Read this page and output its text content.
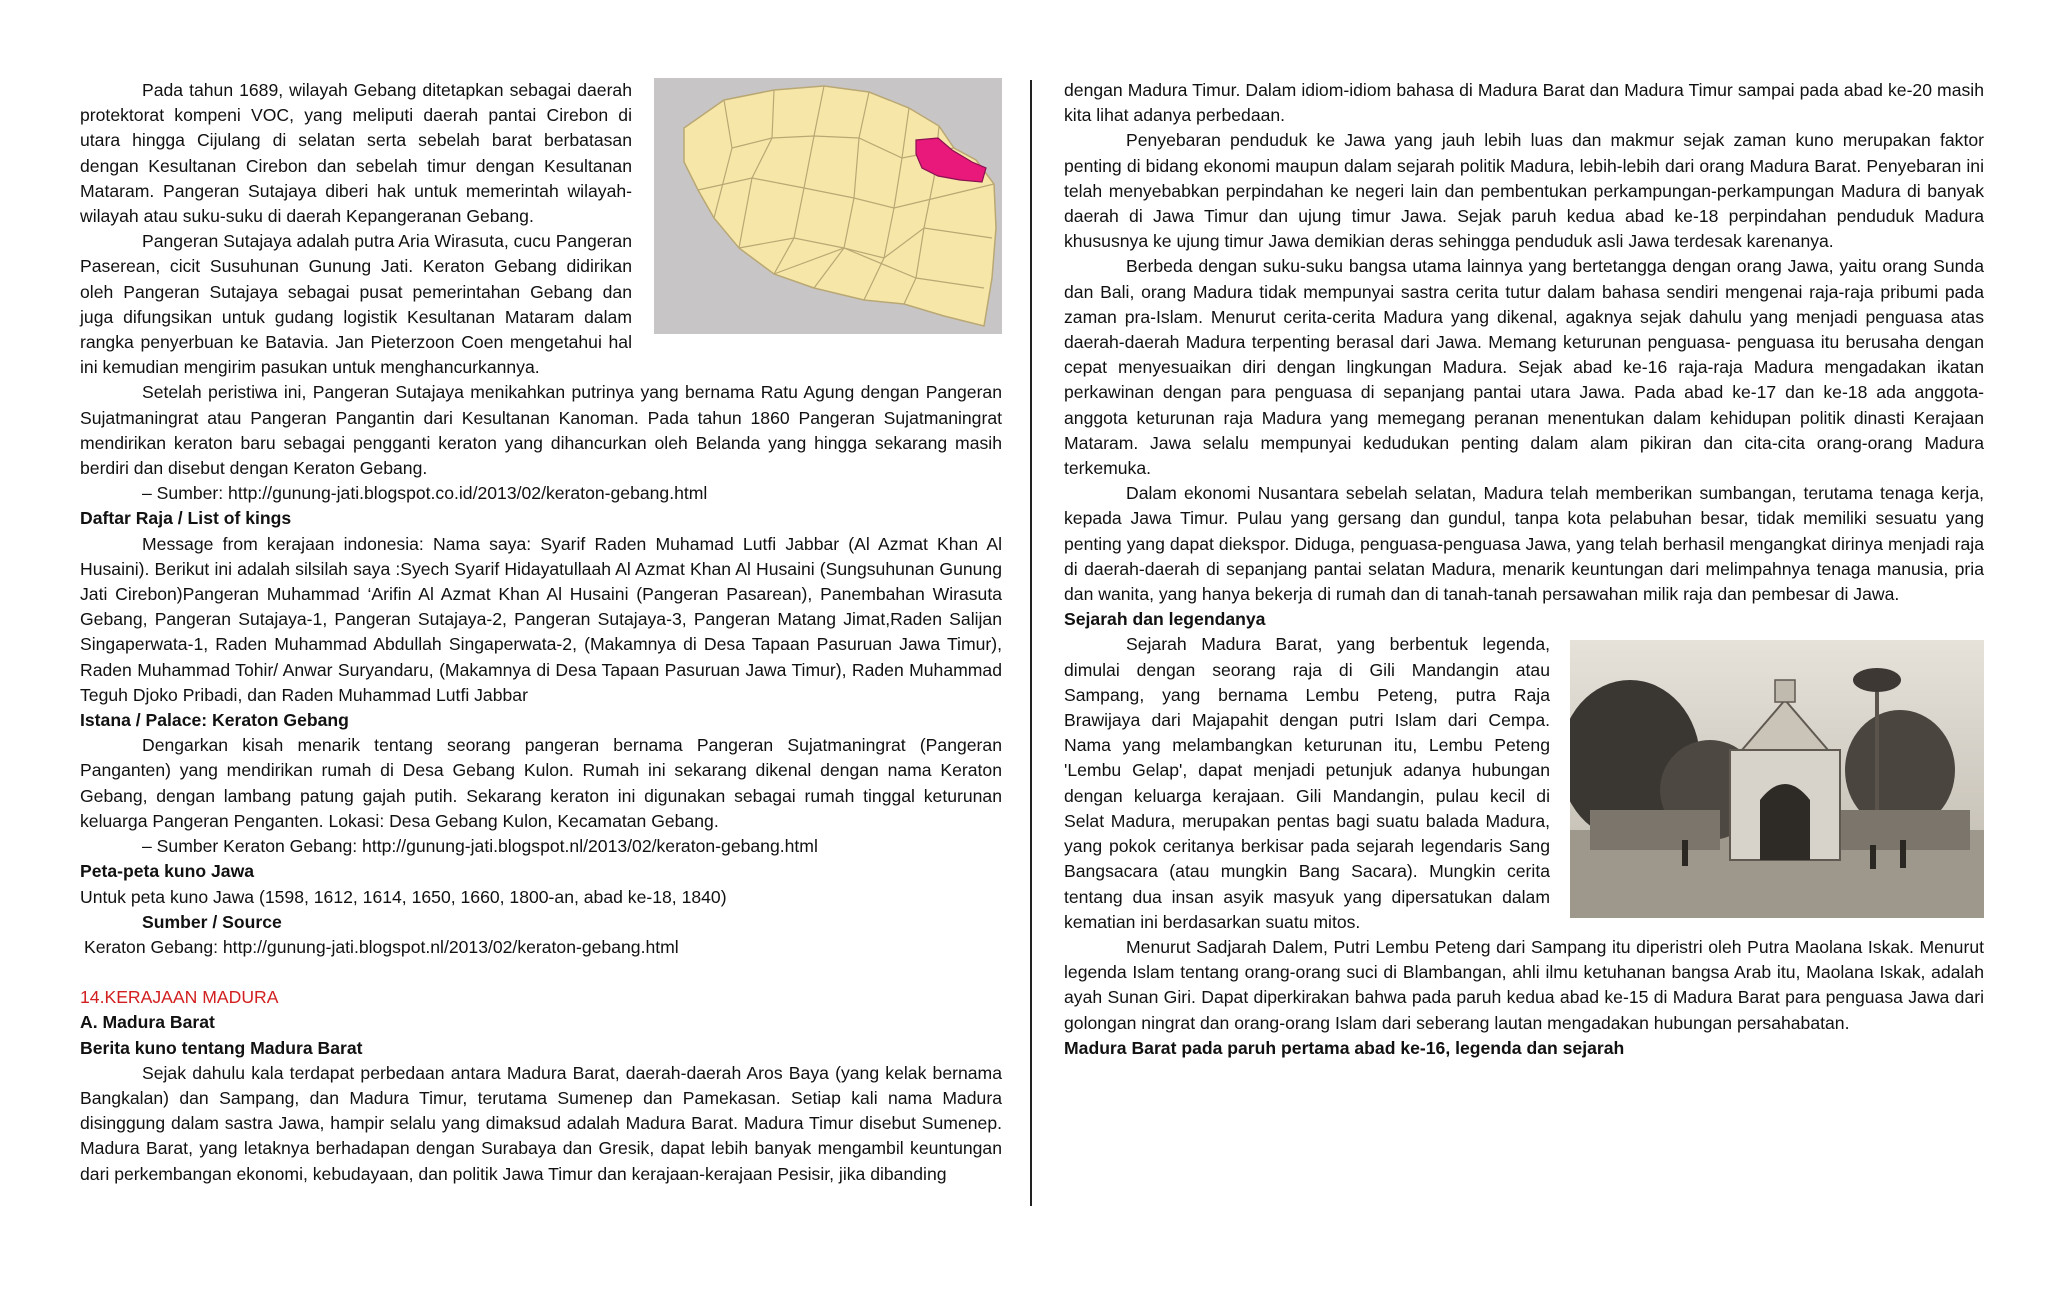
Pada tahun 1689, wilayah Gebang ditetapkan sebagai daerah protektorat kompeni VOC, yang meliputi daerah pantai Cirebon di utara hingga Cijulang di selatan serta sebelah barat berbatasan dengan Kesultanan Cirebon dan sebelah timur dengan Kesultanan Mataram. Pangeran Sutajaya diberi hak untuk memerintah wilayah-wilayah atau suku-suku di daerah Kepangeranan Gebang.

Pangeran Sutajaya adalah putra Aria Wirasuta, cucu Pangeran Paserean, cicit Susuhunan Gunung Jati. Keraton Gebang didirikan oleh Pangeran Sutajaya sebagai pusat pemerintahan Gebang dan juga difungsikan untuk gudang logistik Kesultanan Mataram dalam rangka penyerbuan ke Batavia. Jan Pieterzoon Coen mengetahui hal ini kemudian mengirim pasukan untuk menghancurkannya.

Setelah peristiwa ini, Pangeran Sutajaya menikahkan putrinya yang bernama Ratu Agung dengan Pangeran Sujatmaningrat atau Pangeran Pangantin dari Kesultanan Kanoman. Pada tahun 1860 Pangeran Sujatmaningrat mendirikan keraton baru sebagai pengganti keraton yang dihancurkan oleh Belanda yang hingga sekarang masih berdiri dan disebut dengan Keraton Gebang.

– Sumber: http://gunung-jati.blogspot.co.id/2013/02/keraton-gebang.html

Daftar Raja / List of kings

Message from kerajaan indonesia: Nama saya: Syarif Raden Muhamad Lutfi Jabbar (Al Azmat Khan Al Husaini). Berikut ini adalah silsilah saya :Syech Syarif Hidayatullaah Al Azmat Khan Al Husaini (Sungsuhunan Gunung Jati Cirebon)Pangeran Muhammad ‘Arifin Al Azmat Khan Al Husaini (Pangeran Pasarean), Panembahan Wirasuta Gebang, Pangeran Sutajaya-1, Pangeran Sutajaya-2, Pangeran Sutajaya-3, Pangeran Matang Jimat,Raden Salijan Singaperwata-1, Raden Muhammad Abdullah Singaperwata-2, (Makamnya di Desa Tapaan Pasuruan Jawa Timur), Raden Muhammad Tohir/ Anwar Suryandaru, (Makamnya di Desa Tapaan Pasuruan Jawa Timur), Raden Muhammad Teguh Djoko Pribadi, dan Raden Muhammad Lutfi Jabbar

Istana / Palace: Keraton Gebang

Dengarkan kisah menarik tentang seorang pangeran bernama Pangeran Sujatmaningrat (Pangeran Panganten) yang mendirikan rumah di Desa Gebang Kulon. Rumah ini sekarang dikenal dengan nama Keraton Gebang, dengan lambang patung gajah putih. Sekarang keraton ini digunakan sebagai rumah tinggal keturunan keluarga Pangeran Penganten. Lokasi: Desa Gebang Kulon, Kecamatan Gebang.

– Sumber Keraton Gebang: http://gunung-jati.blogspot.nl/2013/02/keraton-gebang.html

Peta-peta kuno Jawa

Untuk peta kuno Jawa (1598, 1612, 1614, 1650, 1660, 1800-an, abad ke-18, 1840)

Sumber / Source

Keraton Gebang: http://gunung-jati.blogspot.nl/2013/02/keraton-gebang.html

14.KERAJAAN MADURA

A. Madura Barat

Berita kuno tentang Madura Barat

Sejak dahulu kala terdapat perbedaan antara Madura Barat, daerah-daerah Aros Baya (yang kelak bernama Bangkalan) dan Sampang, dan Madura Timur, terutama Sumenep dan Pamekasan. Setiap kali nama Madura disinggung dalam sastra Jawa, hampir selalu yang dimaksud adalah Madura Barat. Madura Timur disebut Sumenep. Madura Barat, yang letaknya berhadapan dengan Surabaya dan Gresik, dapat lebih banyak mengambil keuntungan dari perkembangan ekonomi, kebudayaan, dan politik Jawa Timur dan kerajaan-kerajaan Pesisir, jika dibanding

dengan Madura Timur. Dalam idiom-idiom bahasa di Madura Barat dan Madura Timur sampai pada abad ke-20 masih kita lihat adanya perbedaan.

Penyebaran penduduk ke Jawa yang jauh lebih luas dan makmur sejak zaman kuno merupakan faktor penting di bidang ekonomi maupun dalam sejarah politik Madura, lebih-lebih dari orang Madura Barat. Penyebaran ini telah menyebabkan perpindahan ke negeri lain dan pembentukan perkampungan-perkampungan Madura di banyak daerah di Jawa Timur dan ujung timur Jawa. Sejak paruh kedua abad ke-18 perpindahan penduduk Madura khususnya ke ujung timur Jawa demikian deras sehingga penduduk asli Jawa terdesak karenanya.

Berbeda dengan suku-suku bangsa utama lainnya yang bertetangga dengan orang Jawa, yaitu orang Sunda dan Bali, orang Madura tidak mempunyai sastra cerita tutur dalam bahasa sendiri mengenai raja-raja pribumi pada zaman pra-Islam. Menurut cerita-cerita Madura yang dikenal, agaknya sejak dahulu yang menjadi penguasa atas daerah-daerah Madura terpenting berasal dari Jawa. Memang keturunan penguasa- penguasa itu berusaha dengan cepat menyesuaikan diri dengan lingkungan Madura. Sejak abad ke-16 raja-raja Madura mengadakan ikatan perkawinan dengan para penguasa di sepanjang pantai utara Jawa. Pada abad ke-17 dan ke-18 ada anggota-anggota keturunan raja Madura yang memegang peranan menentukan dalam kehidupan politik dinasti Kerajaan Mataram. Jawa selalu mempunyai kedudukan penting dalam alam pikiran dan cita-cita orang-orang Madura terkemuka.

Dalam ekonomi Nusantara sebelah selatan, Madura telah memberikan sumbangan, terutama tenaga kerja, kepada Jawa Timur. Pulau yang gersang dan gundul, tanpa kota pelabuhan besar, tidak memiliki sesuatu yang penting yang dapat diekspor. Diduga, penguasa-penguasa Jawa, yang telah berhasil mengangkat dirinya menjadi raja di daerah-daerah di sepanjang pantai selatan Madura, menarik keuntungan dari melimpahnya tenaga manusia, pria dan wanita, yang hanya bekerja di rumah dan di tanah-tanah persawahan milik raja dan pembesar di Jawa.

Sejarah dan legendanya

Sejarah Madura Barat, yang berbentuk legenda, dimulai dengan seorang raja di Gili Mandangin atau Sampang, yang bernama Lembu Peteng, putra Raja Brawijaya dari Majapahit dengan putri Islam dari Cempa. Nama yang melambangkan keturunan itu, Lembu Peteng 'Lembu Gelap', dapat menjadi petunjuk adanya hubungan dengan keluarga kerajaan. Gili Mandangin, pulau kecil di Selat Madura, merupakan pentas bagi suatu balada Madura, yang pokok ceritanya berkisar pada sejarah legendaris Sang Bangsacara (atau mungkin Bang Sacara). Mungkin cerita tentang dua insan asyik masyuk yang dipersatukan dalam kematian ini berdasarkan suatu mitos.

Menurut Sadjarah Dalem, Putri Lembu Peteng dari Sampang itu diperistri oleh Putra Maolana Iskak. Menurut legenda Islam tentang orang-orang suci di Blambangan, ahli ilmu ketuhanan bangsa Arab itu, Maolana Iskak, adalah ayah Sunan Giri. Dapat diperkirakan bahwa pada paruh kedua abad ke-15 di Madura Barat para penguasa Jawa dari golongan ningrat dan orang-orang Islam dari seberang lautan mengadakan hubungan persahabatan.

Madura Barat pada paruh pertama abad ke-16, legenda dan sejarah
